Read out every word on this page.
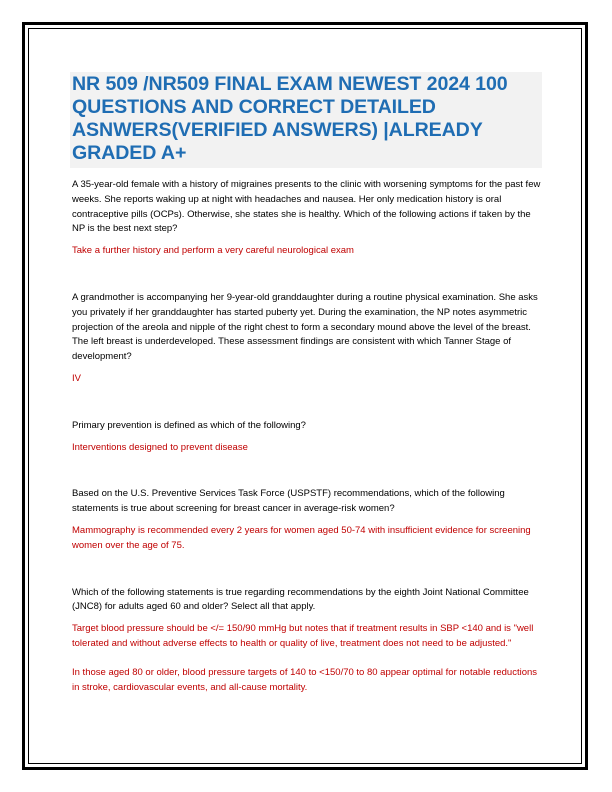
NR 509 /NR509 FINAL EXAM NEWEST 2024 100 QUESTIONS AND CORRECT DETAILED ASNWERS(VERIFIED ANSWERS) |ALREADY GRADED A+

A 35-year-old female with a history of migraines presents to the clinic with worsening symptoms for the past few weeks. She reports waking up at night with headaches and nausea. Her only medication history is oral contraceptive pills (OCPs). Otherwise, she states she is healthy. Which of the following actions if taken by the NP is the best next step?

Take a further history and perform a very careful neurological exam

A grandmother is accompanying her 9-year-old granddaughter during a routine physical examination. She asks you privately if her granddaughter has started puberty yet. During the examination, the NP notes asymmetric projection of the areola and nipple of the right chest to form a secondary mound above the level of the breast. The left breast is underdeveloped. These assessment findings are consistent with which Tanner Stage of development?

IV

Primary prevention is defined as which of the following?

Interventions designed to prevent disease

Based on the U.S. Preventive Services Task Force (USPSTF) recommendations, which of the following statements is true about screening for breast cancer in average-risk women?

Mammography is recommended every 2 years for women aged 50-74 with insufficient evidence for screening women over the age of 75.

Which of the following statements is true regarding recommendations by the eighth Joint National Committee (JNC8) for adults aged 60 and older? Select all that apply.

Target blood pressure should be </= 150/90 mmHg but notes that if treatment results in SBP <140 and is "well tolerated and without adverse effects to health or quality of live, treatment does not need to be adjusted."

In those aged 80 or older, blood pressure targets of 140 to <150/70 to 80 appear optimal for notable reductions in stroke, cardiovascular events, and all-cause mortality.
